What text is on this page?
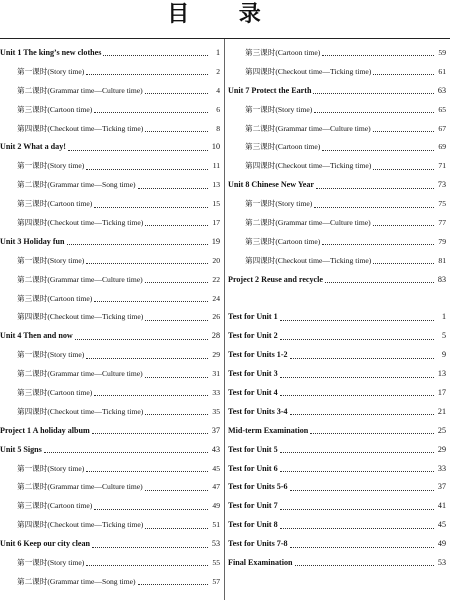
目 录
Unit 1 The king’s new clothes	1
第一课时(Story time)	2
第二课时(Grammar time—Culture time)	4
第三课时(Cartoon time)	6
第四课时(Checkout time—Ticking time)	8
Unit 2 What a day!	10
第一课时(Story time)	11
第二课时(Grammar time—Song time)	13
第三课时(Cartoon time)	15
第四课时(Checkout time—Ticking time)	17
Unit 3 Holiday fun	19
第一课时(Story time)	20
第二课时(Grammar time—Culture time)	22
第三课时(Cartoon time)	24
第四课时(Checkout time—Ticking time)	26
Unit 4 Then and now	28
第一课时(Story time)	29
第二课时(Grammar time—Culture time)	31
第三课时(Cartoon time)	33
第四课时(Checkout time—Ticking time)	35
Project 1 A holiday album	37
Unit 5 Signs	43
第一课时(Story time)	45
第二课时(Grammar time—Culture time)	47
第三课时(Cartoon time)	49
第四课时(Checkout time—Ticking time)	51
Unit 6 Keep our city clean	53
第一课时(Story time)	55
第二课时(Grammar time—Song time)	57
第三课时(Cartoon time)	59
第四课时(Checkout time—Ticking time)	61
Unit 7 Protect the Earth	63
第一课时(Story time)	65
第二课时(Grammar time—Culture time)	67
第三课时(Cartoon time)	69
第四课时(Checkout time—Ticking time)	71
Unit 8 Chinese New Year	73
第一课时(Story time)	75
第二课时(Grammar time—Culture time)	77
第三课时(Cartoon time)	79
第四课时(Checkout time—Ticking time)	81
Project 2 Reuse and recycle	83
Test for Unit 1	1
Test for Unit 2	5
Test for Units 1-2	9
Test for Unit 3	13
Test for Unit 4	17
Test for Units 3-4	21
Mid-term Examination	25
Test for Unit 5	29
Test for Unit 6	33
Test for Units 5-6	37
Test for Unit 7	41
Test for Unit 8	45
Test for Units 7-8	49
Final Examination	53
